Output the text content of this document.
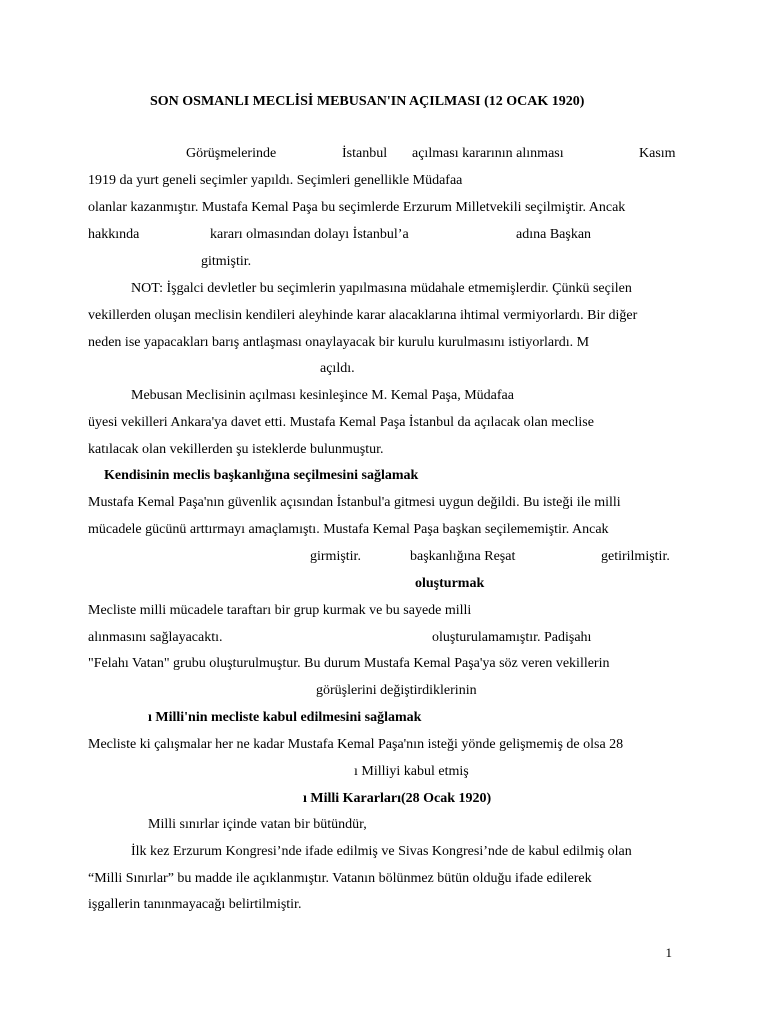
SON OSMANLI MECLİSİ MEBUSAN'IN AÇILMASI (12 OCAK 1920)
Görüşmelerinde	İstanbul açılması kararının alınması	Kasım
1919 da yurt geneli seçimler yapıldı. Seçimleri genellikle Müdafaa
olanlar kazanmıştır. Mustafa Kemal Paşa bu seçimlerde Erzurum Milletvekili seçilmiştir. Ancak
hakkında	kararı olmasından dolayı İstanbul’a	adına Başkan
gitmiştir.
NOT: İşgalci devletler bu seçimlerin yapılmasına müdahale etmemişlerdir. Çünkü seçilen
vekillerden oluşan meclisin kendileri aleyhinde karar alacaklarına ihtimal vermiyorlardı. Bir diğer
neden ise yapacakları barış antlaşması onaylayacak bir kurulu kurulmasını istiyorlardı. M
açıldı.
Mebusan Meclisinin açılması kesinleşince M. Kemal Paşa, Müdafaa
üyesi vekilleri Ankara'ya davet etti. Mustafa Kemal Paşa İstanbul da açılacak olan meclise
katılacak olan vekillerden şu isteklerde bulunmuştur.
Kendisinin meclis başkanlığına seçilmesini sağlamak
Mustafa Kemal Paşa'nın güvenlik açısından İstanbul'a gitmesi uygun değildi. Bu isteği ile milli
mücadele gücünü arttırmayı amaçlamıştı. Mustafa Kemal Paşa başkan seçilememiştir. Ancak
girmiştir.	başkanlığına Reşat	getirilmiştir.
oluşturmak
Mecliste milli mücadele taraftarı bir grup kurmak ve bu sayede milli
alınmasını sağlayacaktı.	oluşturulamamıştır. Padişahı
"Felahı Vatan" grubu oluşturulmuştur. Bu durum Mustafa Kemal Paşa'ya söz veren vekillerin
görüşlerini değiştirdiklerinin
ı Milli'nin mecliste kabul edilmesini sağlamak
Mecliste ki çalışmalar her ne kadar Mustafa Kemal Paşa'nın isteği yönde gelişmemiş de olsa 28
ı Milliyi kabul etmiş
ı Milli Kararları(28 Ocak 1920)
Milli sınırlar içinde vatan bir bütündür,
İlk kez Erzurum Kongresi’nde ifade edilmiş ve Sivas Kongresi’nde de kabul edilmiş olan
“Milli Sınırlar” bu madde ile açıklanmıştır. Vatanın bölünmez bütün olduğu ifade edilerek
işgallerin tanınmayacağı belirtilmiştir.
1
